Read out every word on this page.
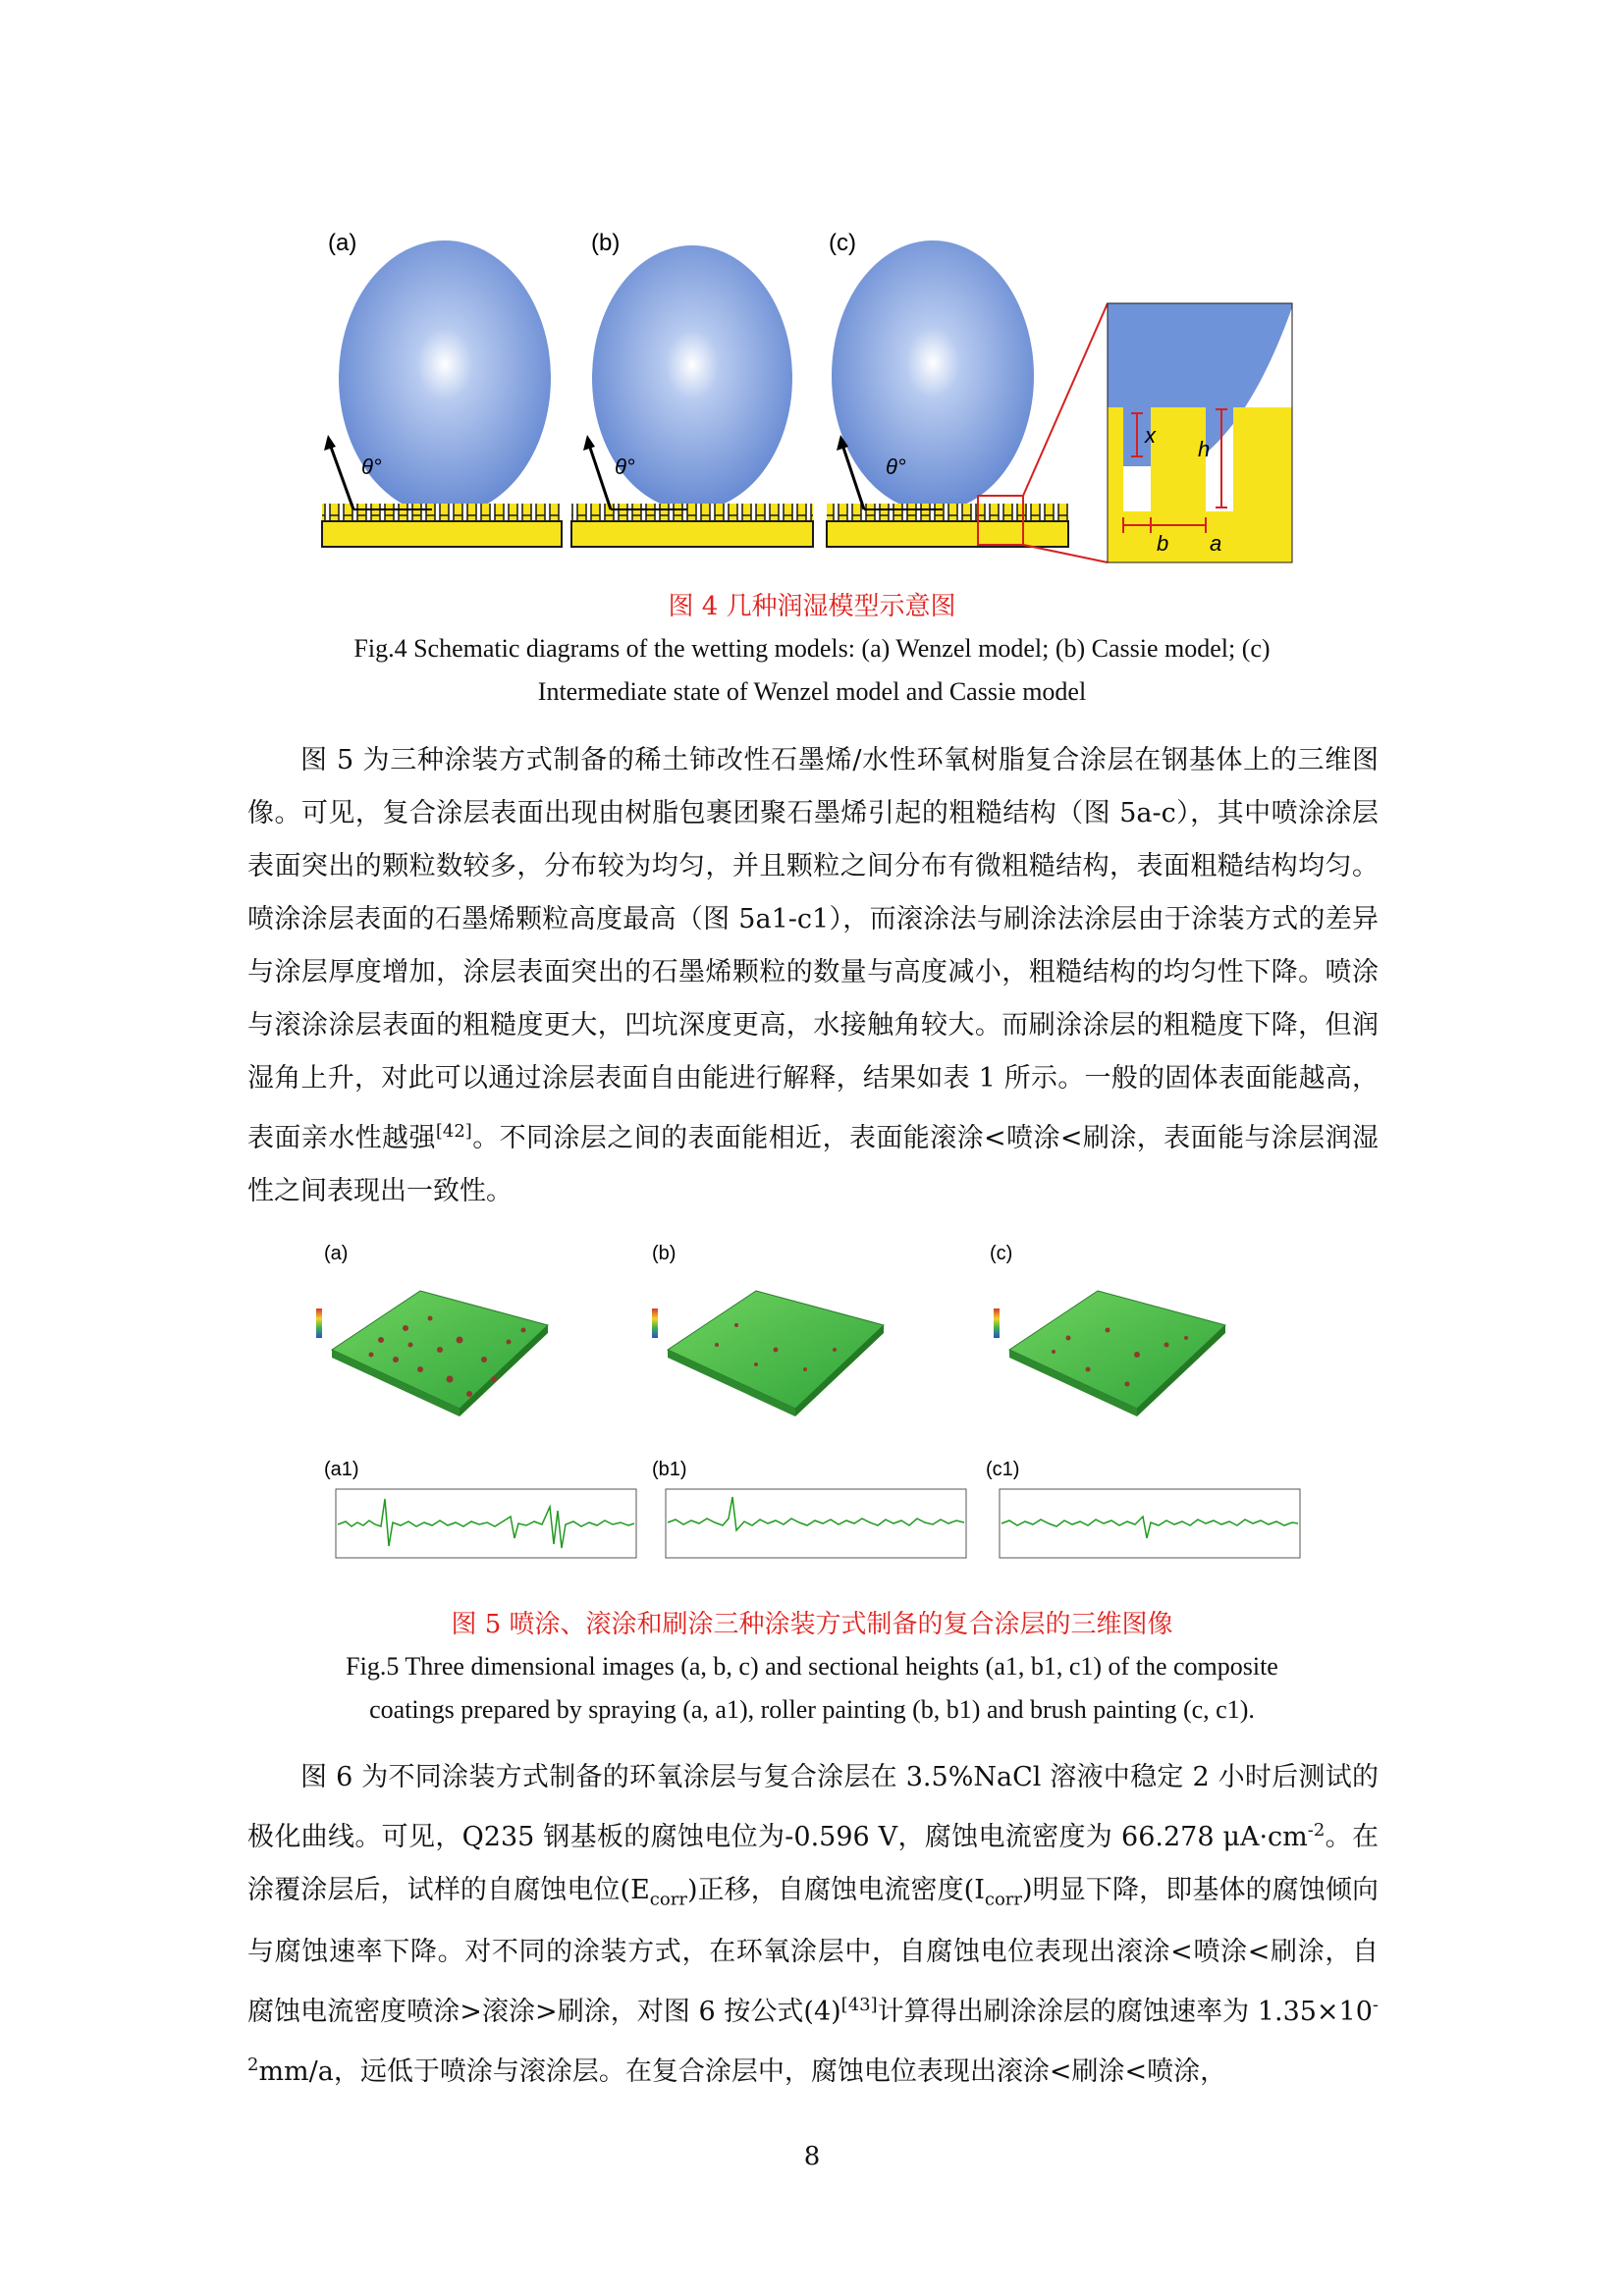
(a)	(b)	(c)
θ°	θ°	θ°
x
h
b a
图 4 几种润湿模型示意图
Fig.4 Schematic diagrams of the wetting models: (a) Wenzel model; (b) Cassie model; (c)
Intermediate state of Wenzel model and Cassie model

图 5 为三种涂装方式制备的稀土铈改性石墨烯/水性环氧树脂复合涂层在钢基体上的三维图像。可见，复合涂层表面出现由树脂包裹团聚石墨烯引起的粗糙结构（图 5a-c），其中喷涂涂层表面突出的颗粒数较多，分布较为均匀，并且颗粒之间分布有微粗糙结构，表面粗糙结构均匀。喷涂涂层表面的石墨烯颗粒高度最高（图 5a1-c1），而滚涂法与刷涂法涂层由于涂装方式的差异与涂层厚度增加，涂层表面突出的石墨烯颗粒的数量与高度减小，粗糙结构的均匀性下降。喷涂与滚涂涂层表面的粗糙度更大，凹坑深度更高，水接触角较大。而刷涂涂层的粗糙度下降，但润湿角上升，对此可以通过涂层表面自由能进行解释，结果如表 1 所示。一般的固体表面能越高，表面亲水性越强[42]。不同涂层之间的表面能相近，表面能滚涂<喷涂<刷涂，表面能与涂层润湿性之间表现出一致性。

(a)	(b)	(c)
(a1)	(b1)	(c1)
图 5 喷涂、滚涂和刷涂三种涂装方式制备的复合涂层的三维图像
Fig.5 Three dimensional images (a, b, c) and sectional heights (a1, b1, c1) of the composite
coatings prepared by spraying (a, a1), roller painting (b, b1) and brush painting (c, c1).

图 6 为不同涂装方式制备的环氧涂层与复合涂层在 3.5%NaCl 溶液中稳定 2 小时后测试的极化曲线。可见，Q235 钢基板的腐蚀电位为-0.596 V，腐蚀电流密度为 66.278 $\mu A\cdot cm^{-2}$。在涂覆涂层后，试样的自腐蚀电位$(E_{corr})$正移，自腐蚀电流密度$(I_{corr})$明显下降，即基体的腐蚀倾向与腐蚀速率下降。对不同的涂装方式，在环氧涂层中，自腐蚀电位表现出滚涂<喷涂<刷涂，自腐蚀电流密度喷涂>滚涂>刷涂，对图 6 按公式(4)[43]计算得出刷涂涂层的腐蚀速率为 $1.35\times 10^{-2}mm/a$，远低于喷涂与滚涂层。在复合涂层中，腐蚀电位表现出滚涂<刷涂<喷涂，

8
